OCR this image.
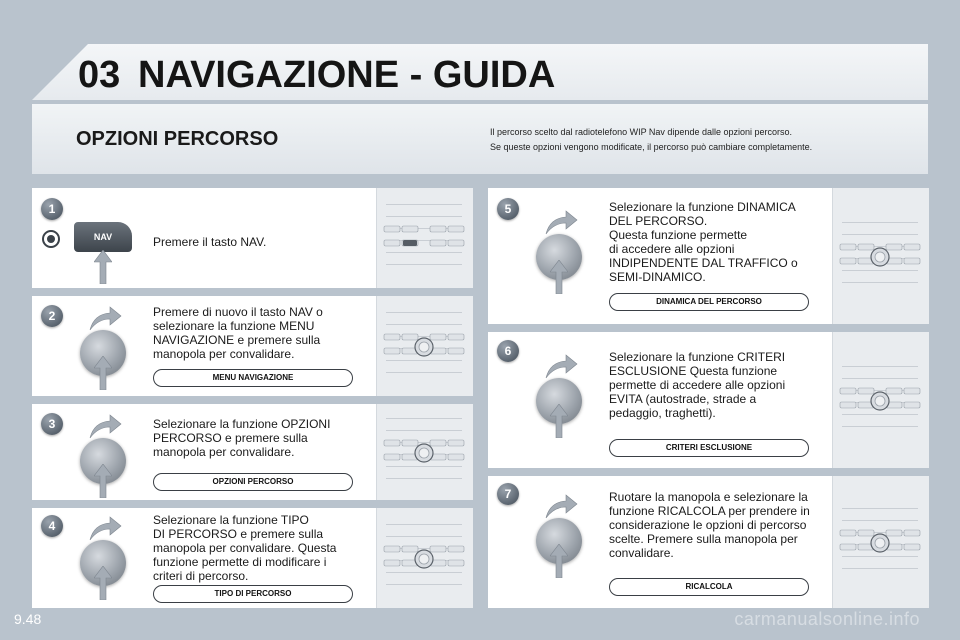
03 NAVIGAZIONE - GUIDA
OPZIONI PERCORSO	Il percorso scelto dal radiotelefono WIP Nav dipende dalle opzioni percorso.
Se queste opzioni vengono modificate, il percorso può cambiare completamente.
1
NAV	Premere il tasto NAV.
2	Premere di nuovo il tasto NAV o
selezionare la funzione MENU
NAVIGAZIONE e premere sulla
manopola per convalidare.
MENU NAVIGAZIONE
3	Selezionare la funzione OPZIONI
PERCORSO e premere sulla
manopola per convalidare.
OPZIONI PERCORSO
4	Selezionare la funzione TIPO
DI PERCORSO e premere sulla
manopola per convalidare. Questa
funzione permette di modificare i
criteri di percorso.
TIPO DI PERCORSO
5	Selezionare la funzione DINAMICA
DEL PERCORSO.
Questa funzione permette
di accedere alle opzioni
INDIPENDENTE DAL TRAFFICO o
SEMI-DINAMICO.
DINAMICA DEL PERCORSO
6	Selezionare la funzione CRITERI
ESCLUSIONE Questa funzione
permette di accedere alle opzioni
EVITA (autostrade, strade a
pedaggio, traghetti).
CRITERI ESCLUSIONE
7	Ruotare la manopola e selezionare la
funzione RICALCOLA per prendere in
considerazione le opzioni di percorso
scelte. Premere sulla manopola per
convalidare.
RICALCOLA
9.48	carmanualsonline.info
